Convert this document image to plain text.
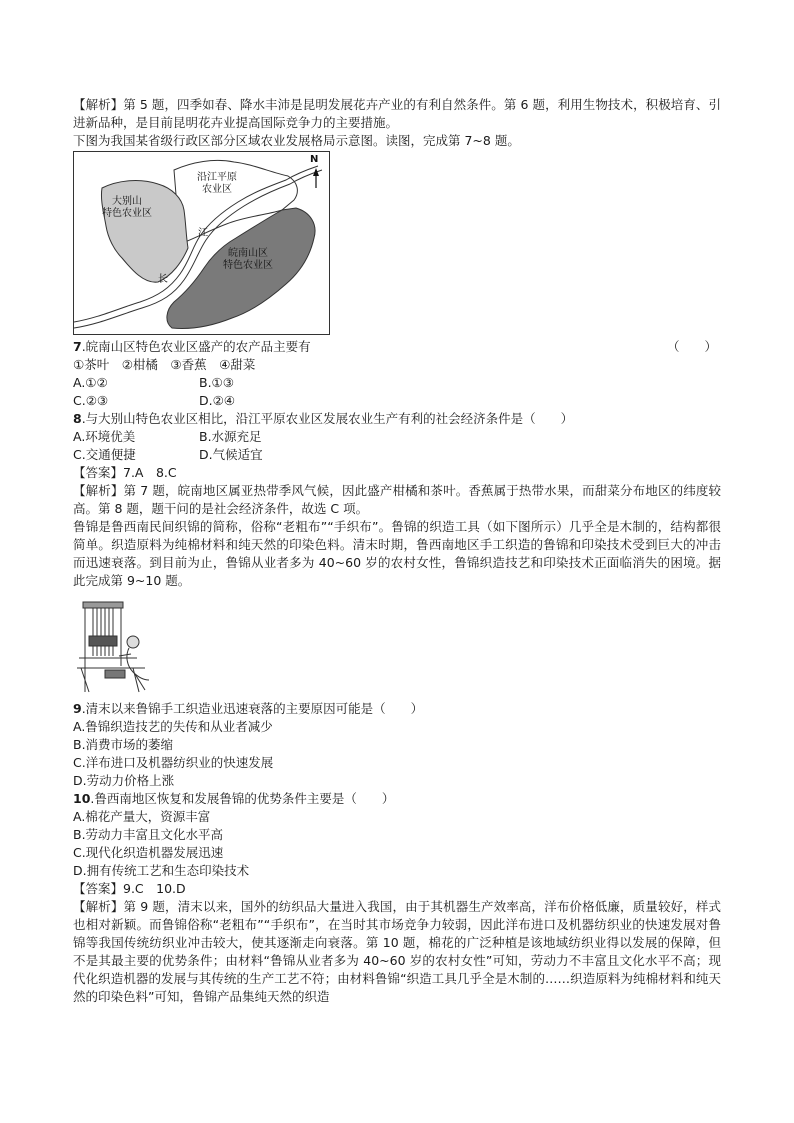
【解析】第 5 题，四季如春、降水丰沛是昆明发展花卉产业的有利自然条件。第 6 题，利用生物技术，积极培育、引进新品种，是目前昆明花卉业提高国际竞争力的主要措施。

下图为我国某省级行政区部分区域农业发展格局示意图。读图，完成第 7~8 题。

N
大别山
特色农业区
沿江平原
农业区
江
长
皖南山区
特色农业区
7.皖南山区特色农业区盛产的农产品主要有	（　　）

①茶叶　②柑橘　③香蕉　④甜菜

A.①②	B.①③
C.②③	D.②④
8.与大别山特色农业区相比，沿江平原农业区发展农业生产有利的社会经济条件是（　　）
A.环境优美	B.水源充足
C.交通便捷	D.气候适宜

【答案】7.A　8.C

【解析】第 7 题，皖南地区属亚热带季风气候，因此盛产柑橘和茶叶。香蕉属于热带水果，而甜菜分布地区的纬度较高。第 8 题，题干问的是社会经济条件，故选 C 项。

鲁锦是鲁西南民间织锦的简称，俗称“老粗布”“手织布”。鲁锦的织造工具（如下图所示）几乎全是木制的，结构都很简单。织造原料为纯棉材料和纯天然的印染色料。清末时期，鲁西南地区手工织造的鲁锦和印染技术受到巨大的冲击而迅速衰落。到目前为止，鲁锦从业者多为 40~60 岁的农村女性，鲁锦织造技艺和印染技术正面临消失的困境。据此完成第 9~10 题。

9.清末以来鲁锦手工织造业迅速衰落的主要原因可能是（　　）
A.鲁锦织造技艺的失传和从业者减少
B.消费市场的萎缩
C.洋布进口及机器纺织业的快速发展
D.劳动力价格上涨
10.鲁西南地区恢复和发展鲁锦的优势条件主要是（　　）
A.棉花产量大，资源丰富
B.劳动力丰富且文化水平高
C.现代化织造机器发展迅速
D.拥有传统工艺和生态印染技术

【答案】9.C　10.D

【解析】第 9 题，清末以来，国外的纺织品大量进入我国，由于其机器生产效率高，洋布价格低廉，质量较好，样式也相对新颖。而鲁锦俗称“老粗布”“手织布”，在当时其市场竞争力较弱，因此洋布进口及机器纺织业的快速发展对鲁锦等我国传统纺织业冲击较大，使其逐渐走向衰落。第 10 题，棉花的广泛种植是该地域纺织业得以发展的保障，但不是其最主要的优势条件；由材料“鲁锦从业者多为 40~60 岁的农村女性”可知，劳动力不丰富且文化水平不高；现代化织造机器的发展与其传统的生产工艺不符；由材料鲁锦“织造工具几乎全是木制的……织造原料为纯棉材料和纯天然的印染色料”可知，鲁锦产品集纯天然的织造
